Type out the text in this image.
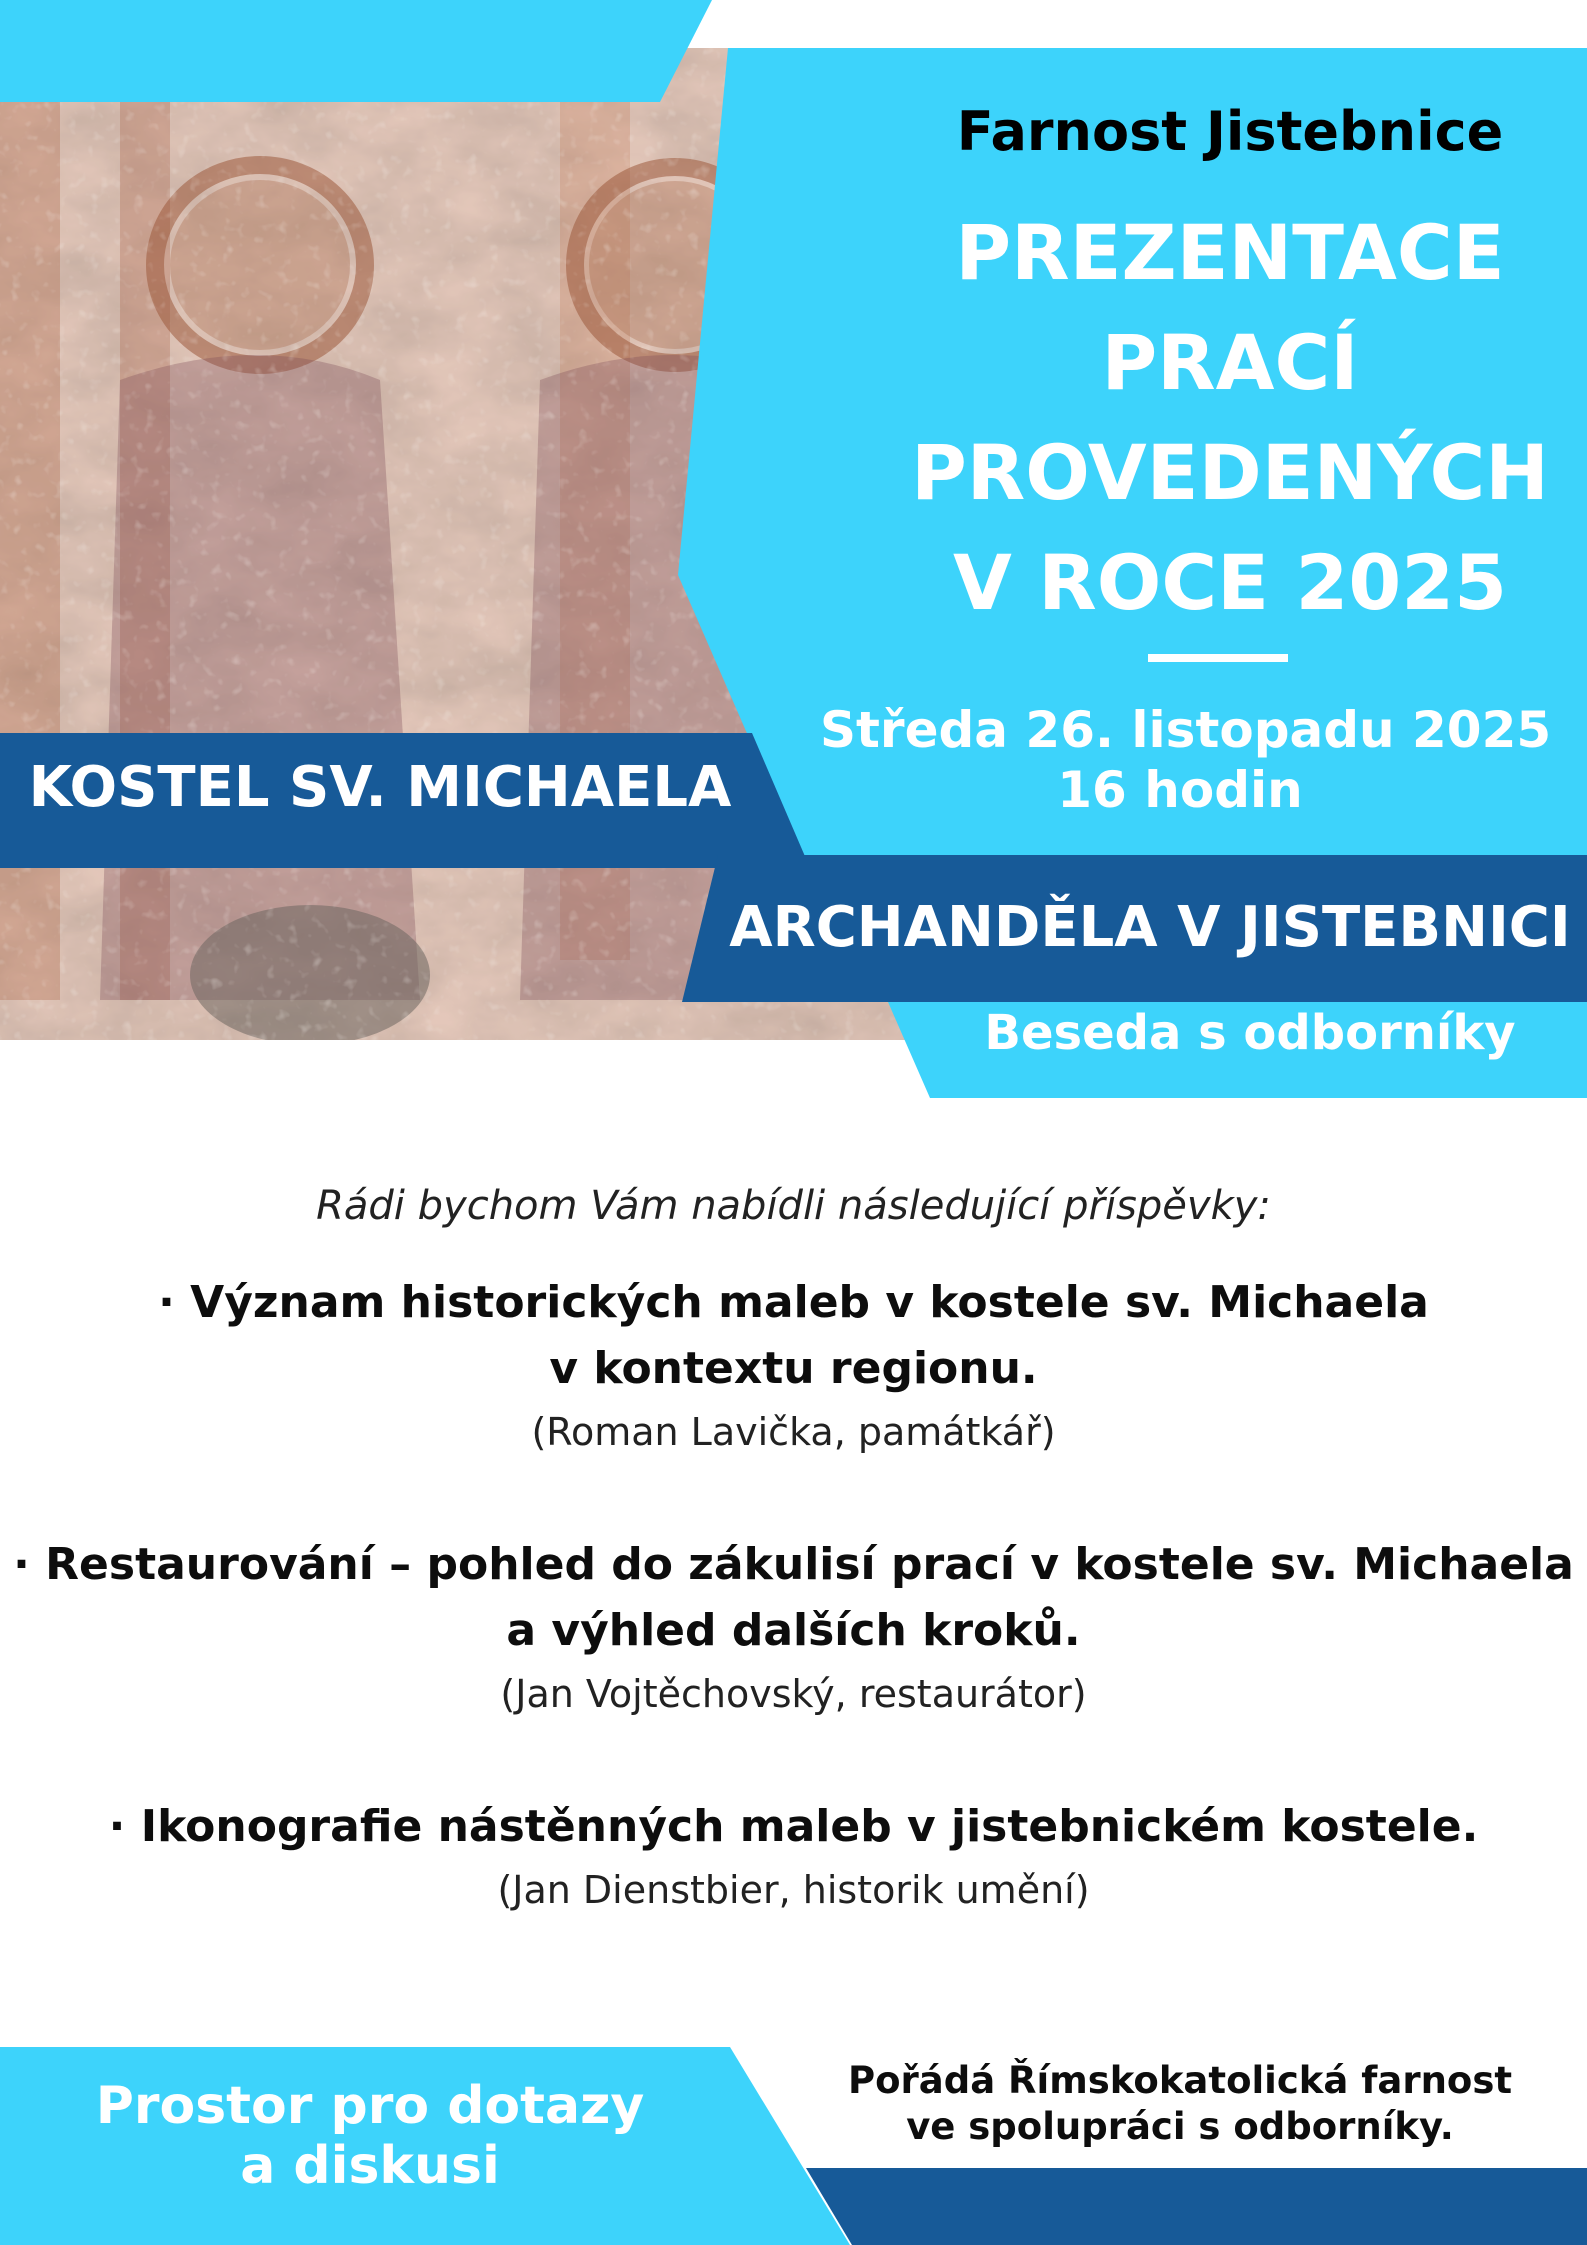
Farnost Jistebnice
PREZENTACE
PRACÍ
PROVEDENÝCH
V ROCE 2025
Středa 26. listopadu 2025
16 hodin
KOSTEL SV. MICHAELA
ARCHANDĚLA V JISTEBNICI
Beseda s odborníky
Rádi bychom Vám nabídli následující příspěvky:
· Význam historických maleb v kostele sv. Michaela
v kontextu regionu.
(Roman Lavička, památkář)
· Restaurování – pohled do zákulisí prací v kostele sv. Michaela
a výhled dalších kroků.
(Jan Vojtěchovský, restaurátor)
· Ikonografie nástěnných maleb v jistebnickém kostele.
(Jan Dienstbier, historik umění)
Prostor pro dotazy
a diskusi
Pořádá Římskokatolická farnost
ve spolupráci s odborníky.
